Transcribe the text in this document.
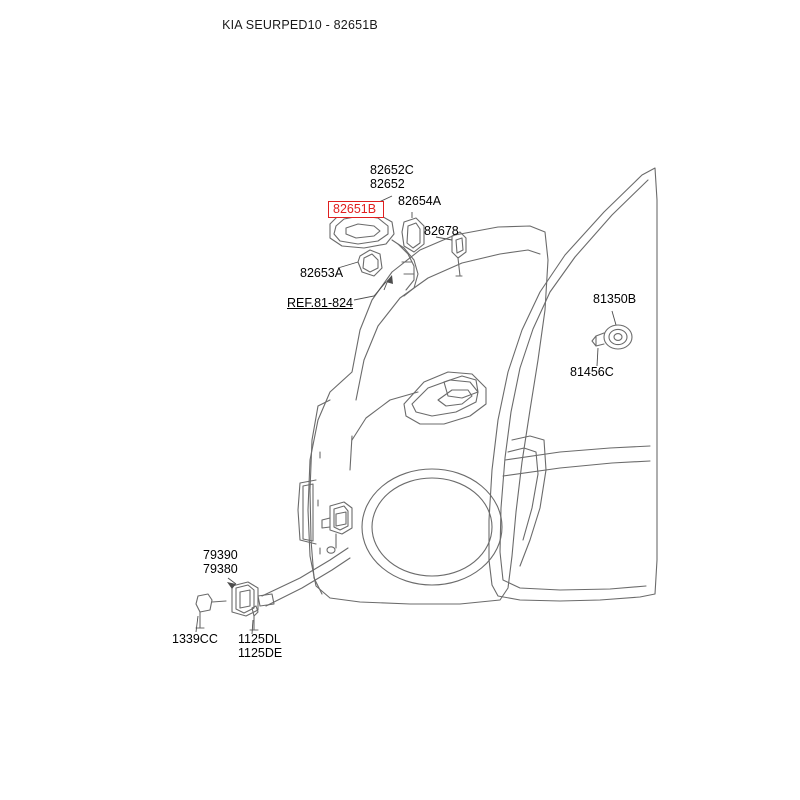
KIA SEURPED10 - 82651B
82652C
82652
82654A
82678
82653A
REF.81-824	81350B
81456C
79390
79380
1339CC 1125DL
1125DE
82651B
